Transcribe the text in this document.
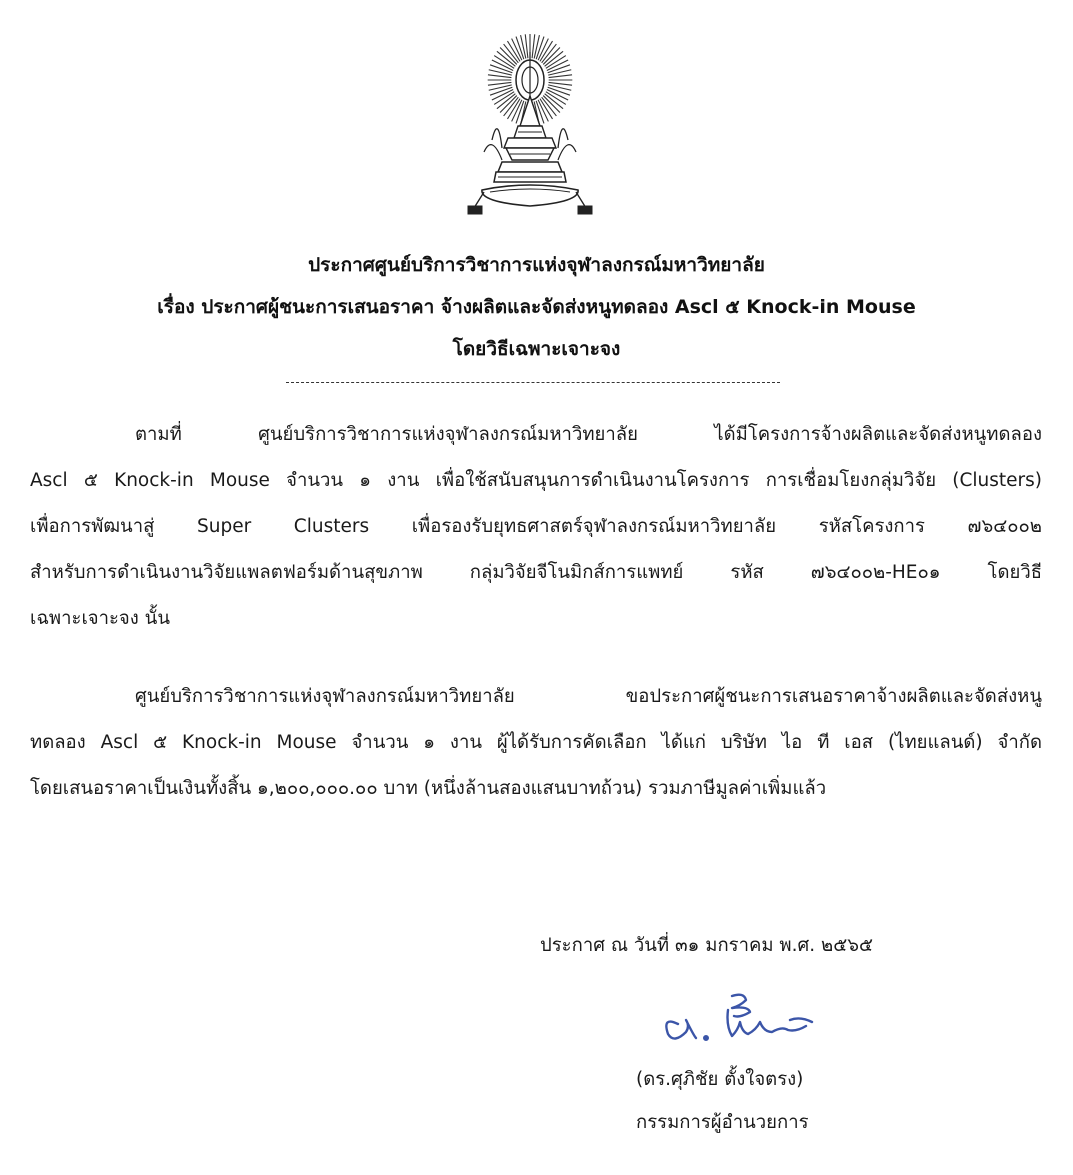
ประกาศศูนย์บริการวิชาการแห่งจุฬาลงกรณ์มหาวิทยาลัย
เรื่อง ประกาศผู้ชนะการเสนอราคา จ้างผลิตและจัดส่งหนูทดลอง Ascl ๕ Knock-in Mouse
โดยวิธีเฉพาะเจาะจง
ตามที่ ศูนย์บริการวิชาการแห่งจุฬาลงกรณ์มหาวิทยาลัย ได้มีโครงการจ้างผลิตและจัดส่งหนูทดลอง
Ascl ๕ Knock-in Mouse จำนวน ๑ งาน เพื่อใช้สนับสนุนการดำเนินงานโครงการ การเชื่อมโยงกลุ่มวิจัย (Clusters)
เพื่อการพัฒนาสู่ Super Clusters เพื่อรองรับยุทธศาสตร์จุฬาลงกรณ์มหาวิทยาลัย รหัสโครงการ ๗๖๔๐๐๒
สำหรับการดำเนินงานวิจัยแพลตฟอร์มด้านสุขภาพ กลุ่มวิจัยจีโนมิกส์การแพทย์ รหัส ๗๖๔๐๐๒-HE๐๑ โดยวิธี
เฉพาะเจาะจง นั้น
ศูนย์บริการวิชาการแห่งจุฬาลงกรณ์มหาวิทยาลัย ขอประกาศผู้ชนะการเสนอราคาจ้างผลิตและจัดส่งหนู
ทดลอง Ascl ๕ Knock-in Mouse จำนวน ๑ งาน ผู้ได้รับการคัดเลือก ได้แก่ บริษัท ไอ ที เอส (ไทยแลนด์) จำกัด
โดยเสนอราคาเป็นเงินทั้งสิ้น ๑,๒๐๐,๐๐๐.๐๐ บาท (หนึ่งล้านสองแสนบาทถ้วน) รวมภาษีมูลค่าเพิ่มแล้ว
ประกาศ ณ วันที่ ๓๑ มกราคม พ.ศ. ๒๕๖๕
(ดร.ศุภิชัย ตั้งใจตรง)
กรรมการผู้อำนวยการ
